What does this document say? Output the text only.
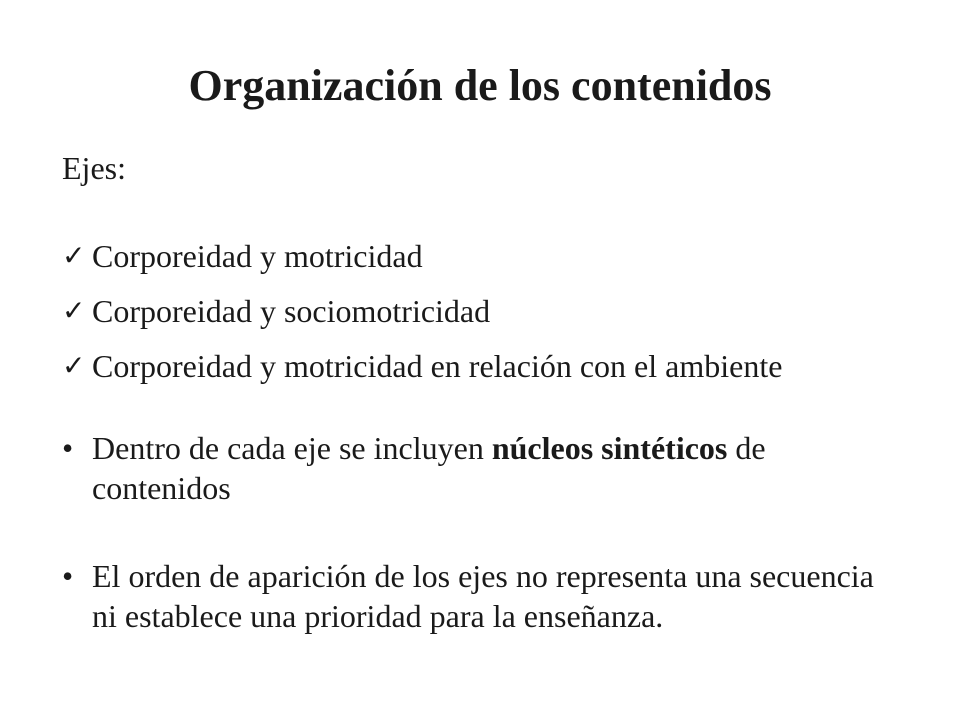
Organización de los contenidos

Ejes:

✓ Corporeidad y motricidad
✓ Corporeidad y sociomotricidad
✓ Corporeidad y motricidad en relación con el ambiente
• Dentro de cada eje se incluyen núcleos sintéticos de contenidos
• El orden de aparición de los ejes no representa una secuencia ni establece una prioridad para la enseñanza.
